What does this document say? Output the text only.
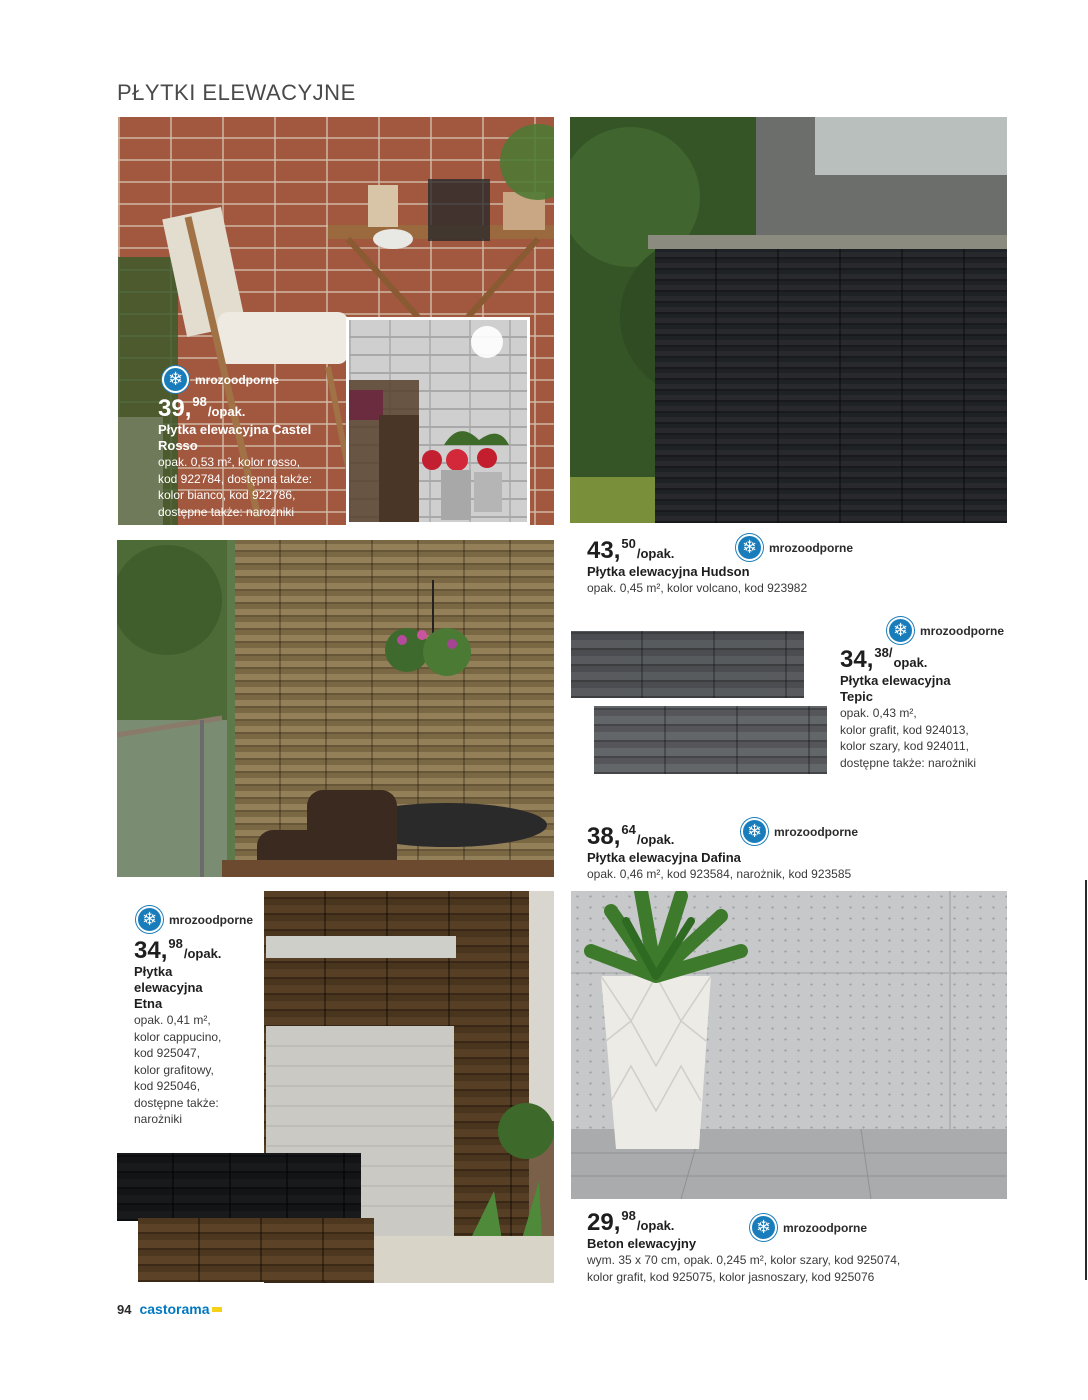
PŁYTKI ELEWACYJNE
❄ mrozoodporne
39, 98
/opak.
Płytka elewacyjna Castel Rosso
opak. 0,53 m², kolor rosso,
kod 922784, dostępna także:
kolor bianco, kod 922786,
dostępne także: narożniki
43, 50
/opak.
Płytka elewacyjna Hudson
opak. 0,45 m², kolor volcano, kod 923982
❄ mrozoodporne
❄ mrozoodporne
34, 38/
opak.
Płytka elewacyjna Tepic
opak. 0,43 m²,
kolor grafit, kod 924013,
kolor szary, kod 924011,
dostępne także: narożniki
38, 64
/opak.
Płytka elewacyjna Dafina
opak. 0,46 m², kod 923584, narożnik, kod 923585
❄ mrozoodporne
❄ mrozoodporne
34, 98
/opak.
Płytka elewacyjna Etna
opak. 0,41 m²,
kolor cappucino,
kod 925047,
kolor grafitowy,
kod 925046,
dostępne także:
narożniki
29, 98
/opak.
Beton elewacyjny
wym. 35 x 70 cm, opak. 0,245 m², kolor szary, kod 925074,
kolor grafit, kod 925075, kolor jasnoszary, kod 925076
❄ mrozoodporne
94 castorama
